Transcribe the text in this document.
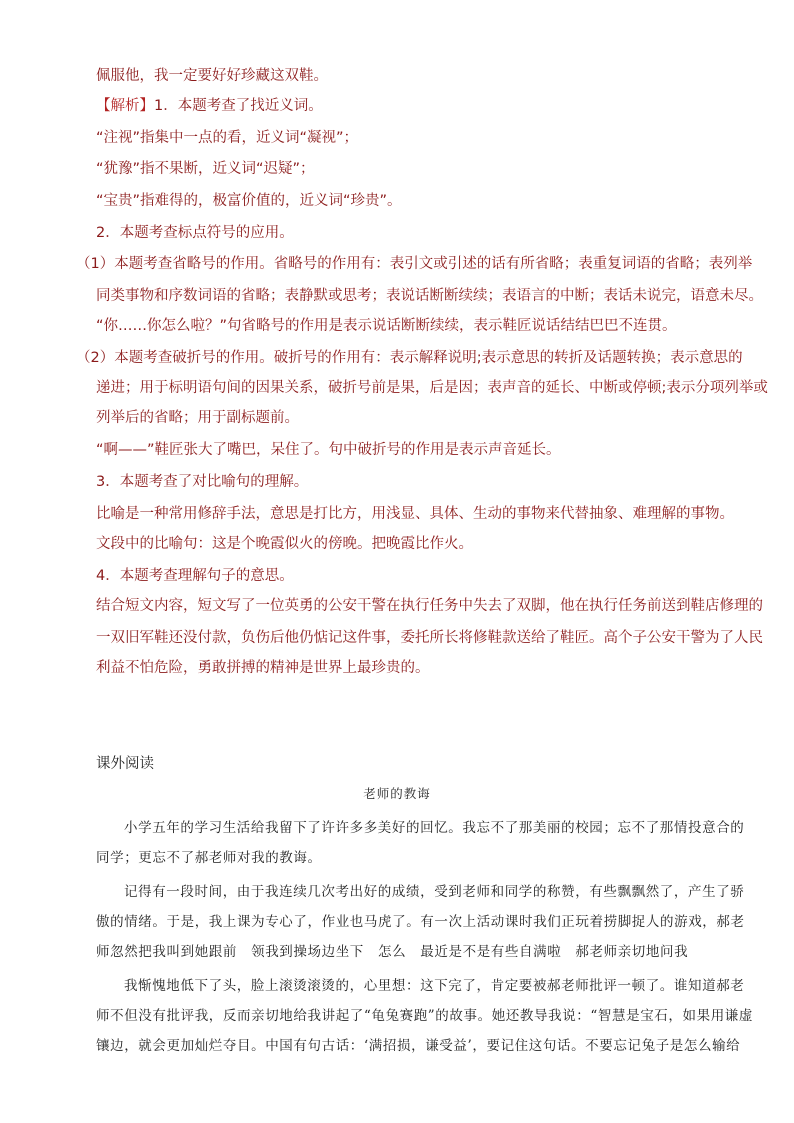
佩服他，我一定要好好珍藏这双鞋。
【解析】1．本题考查了找近义词。
“注视”指集中一点的看，近义词“凝视”；
“犹豫”指不果断，近义词“迟疑”；
“宝贵”指难得的，极富价值的，近义词“珍贵”。
2．本题考查标点符号的应用。
（1）本题考查省略号的作用。省略号的作用有：表引文或引述的话有所省略；表重复词语的省略；表列举
同类事物和序数词语的省略；表静默或思考；表说话断断续续；表语言的中断；表话未说完，语意未尽。
“你……你怎么啦？”句省略号的作用是表示说话断断续续，表示鞋匠说话结结巴巴不连贯。
（2）本题考查破折号的作用。破折号的作用有：表示解释说明;表示意思的转折及话题转换；表示意思的
递进；用于标明语句间的因果关系，破折号前是果，后是因；表声音的延长、中断或停顿;表示分项列举或
列举后的省略；用于副标题前。
“啊——”鞋匠张大了嘴巴，呆住了。句中破折号的作用是表示声音延长。
3．本题考查了对比喻句的理解。
比喻是一种常用修辞手法，意思是打比方，用浅显、具体、生动的事物来代替抽象、难理解的事物。
文段中的比喻句：这是个晚霞似火的傍晚。把晚霞比作火。
4．本题考查理解句子的意思。
结合短文内容，短文写了一位英勇的公安干警在执行任务中失去了双脚，他在执行任务前送到鞋店修理的
一双旧军鞋还没付款，负伤后他仍惦记这件事，委托所长将修鞋款送给了鞋匠。高个子公安干警为了人民
利益不怕危险，勇敢拼搏的精神是世界上最珍贵的。
课外阅读
老师的教诲
小学五年的学习生活给我留下了许许多多美好的回忆。我忘不了那美丽的校园；忘不了那情投意合的
同学；更忘不了郝老师对我的教诲。
记得有一段时间，由于我连续几次考出好的成绩，受到老师和同学的称赞，有些飘飘然了，产生了骄
傲的情绪。于是，我上课为专心了，作业也马虎了。有一次上活动课时我们正玩着捞脚捉人的游戏，郝老
师忽然把我叫到她跟前　领我到操场边坐下　怎么　最近是不是有些自满啦　郝老师亲切地问我
我惭愧地低下了头，脸上滚烫滚烫的，心里想：这下完了，肯定要被郝老师批评一顿了。谁知道郝老
师不但没有批评我，反而亲切地给我讲起了“龟兔赛跑”的故事。她还教导我说：“智慧是宝石，如果用谦虚
镶边，就会更加灿烂夺目。中国有句古话：‘满招损，谦受益’，要记住这句话。不要忘记兔子是怎么输给
